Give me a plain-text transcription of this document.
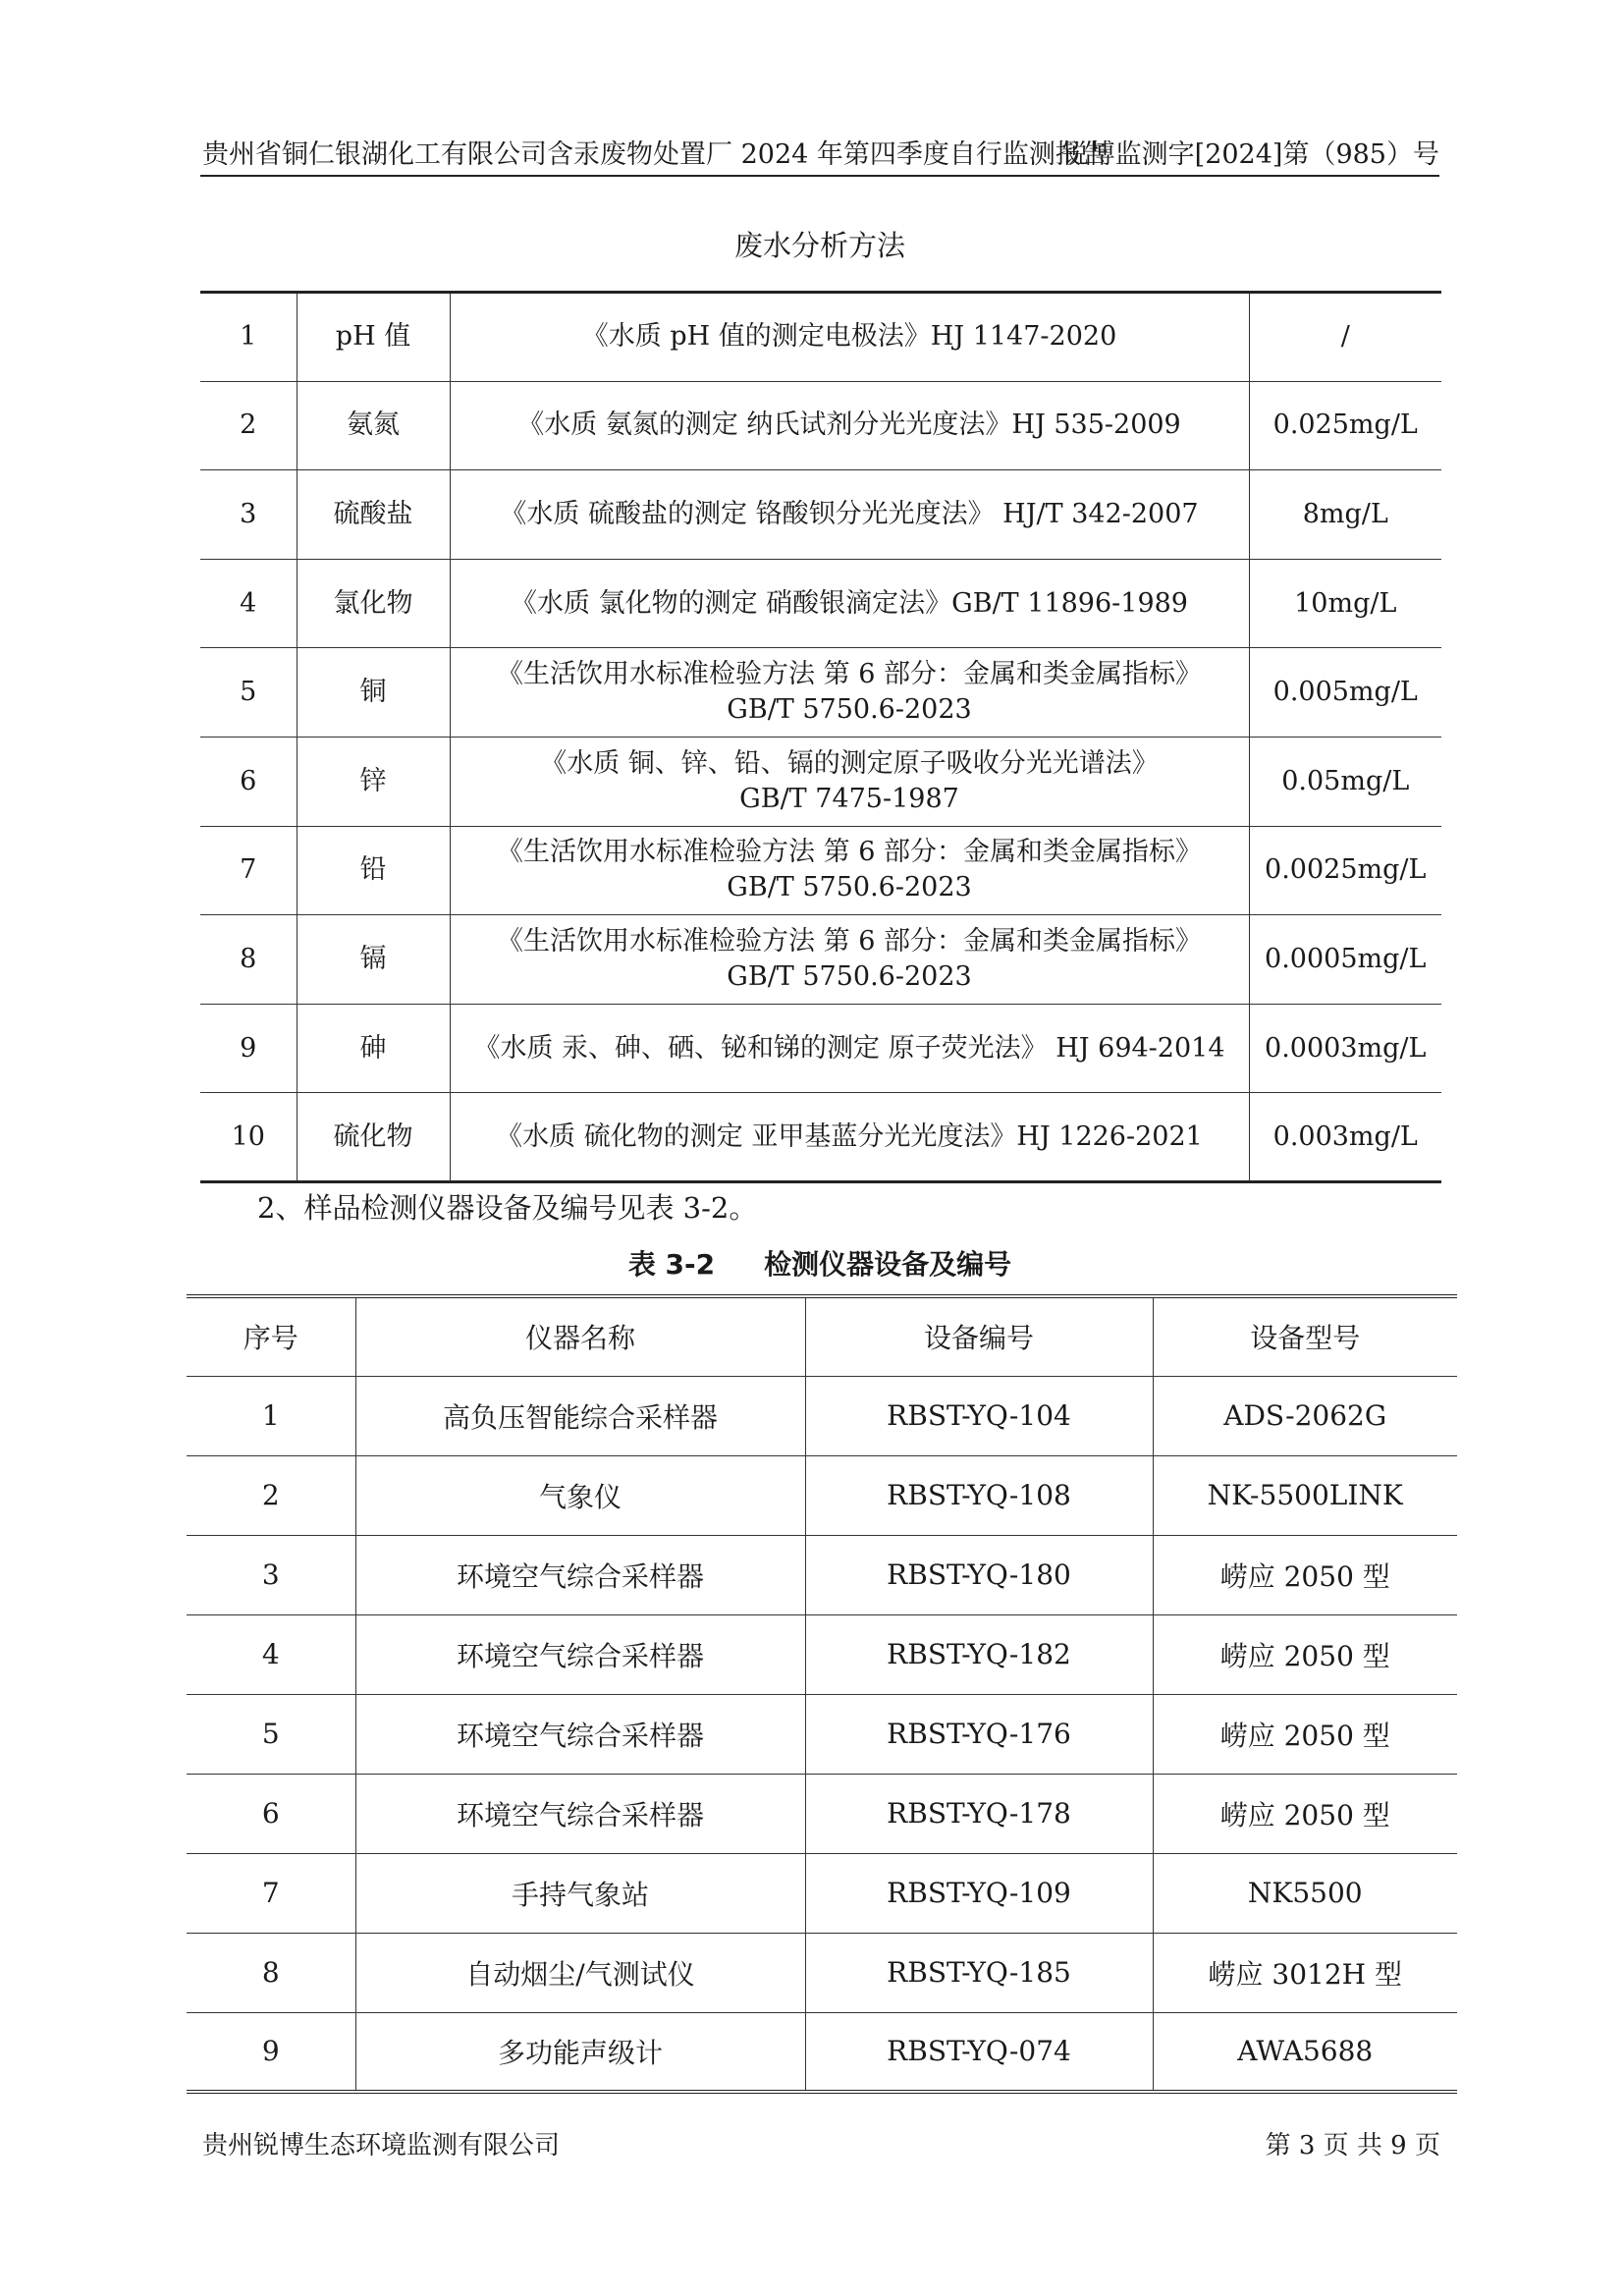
贵州省铜仁银湖化工有限公司含汞废物处置厂 2024 年第四季度自行监测报告
锐博监测字[2024]第（985）号
废水分析方法
1	pH 值	《水质 pH 值的测定电极法》HJ 1147-2020	/
2	氨氮	《水质 氨氮的测定 纳氏试剂分光光度法》HJ 535-2009	0.025mg/L
3	硫酸盐	《水质 硫酸盐的测定 铬酸钡分光光度法》 HJ/T 342-2007	8mg/L
4	氯化物	《水质 氯化物的测定 硝酸银滴定法》GB/T 11896-1989	10mg/L
5	铜	《生活饮用水标准检验方法 第 6 部分：金属和类金属指标》
GB/T 5750.6-2023	0.005mg/L
6	锌	《水质 铜、锌、铅、镉的测定原子吸收分光光谱法》
GB/T 7475-1987	0.05mg/L
7	铅	《生活饮用水标准检验方法 第 6 部分：金属和类金属指标》
GB/T 5750.6-2023	0.0025mg/L
8	镉	《生活饮用水标准检验方法 第 6 部分：金属和类金属指标》
GB/T 5750.6-2023	0.0005mg/L
9	砷	《水质 汞、砷、硒、铋和锑的测定 原子荧光法》 HJ 694-2014	0.0003mg/L
10	硫化物	《水质 硫化物的测定 亚甲基蓝分光光度法》HJ 1226-2021	0.003mg/L
2、样品检测仪器设备及编号见表 3-2。
表 3-2 检测仪器设备及编号
序号	仪器名称	设备编号	设备型号
1	高负压智能综合采样器	RBST-YQ-104	ADS-2062G
2	气象仪	RBST-YQ-108	NK-5500LINK
3	环境空气综合采样器	RBST-YQ-180	崂应 2050 型
4	环境空气综合采样器	RBST-YQ-182	崂应 2050 型
5	环境空气综合采样器	RBST-YQ-176	崂应 2050 型
6	环境空气综合采样器	RBST-YQ-178	崂应 2050 型
7	手持气象站	RBST-YQ-109	NK5500
8	自动烟尘/气测试仪	RBST-YQ-185	崂应 3012H 型
9	多功能声级计	RBST-YQ-074	AWA5688
贵州锐博生态环境监测有限公司	第 3 页 共 9 页
